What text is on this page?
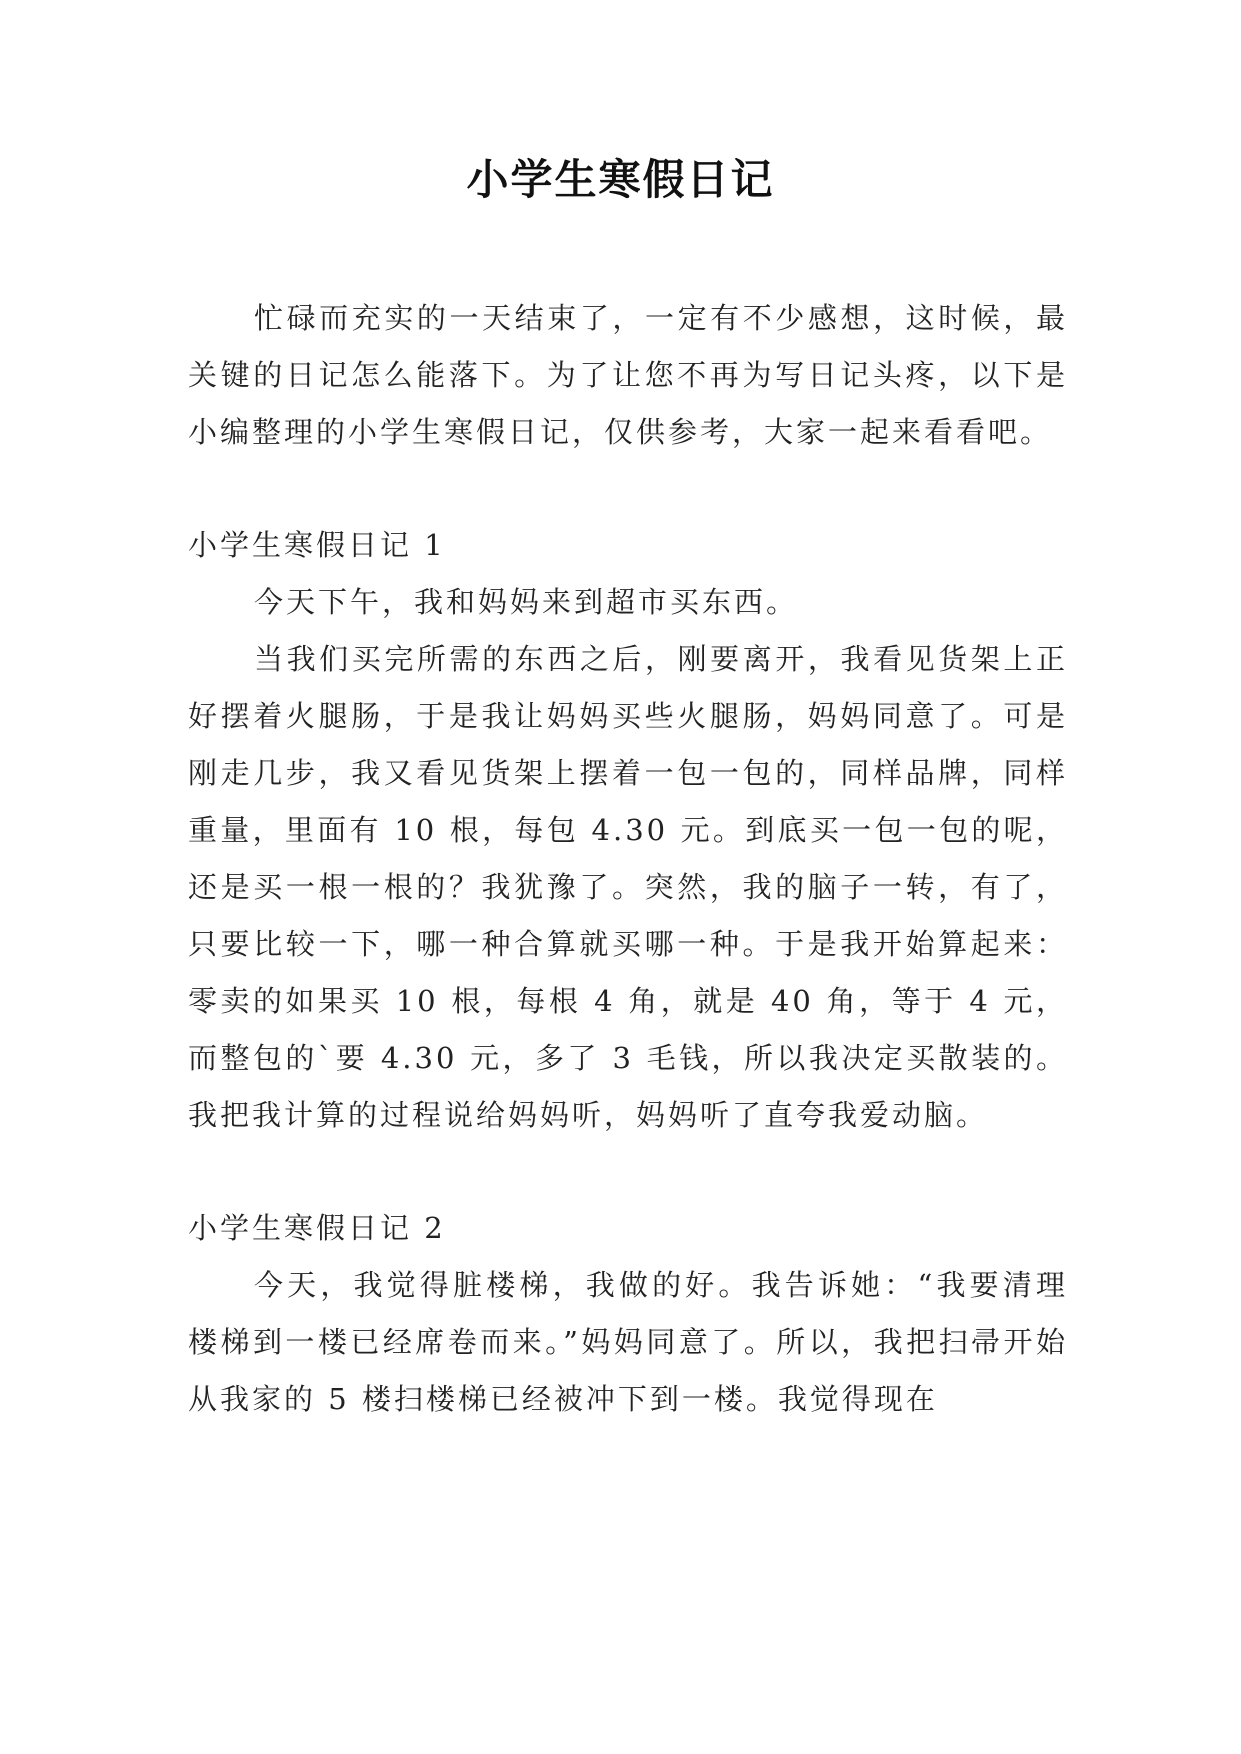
小学生寒假日记

忙碌而充实的一天结束了，一定有不少感想，这时候，最关键的日记怎么能落下。为了让您不再为写日记头疼，以下是小编整理的小学生寒假日记，仅供参考，大家一起来看看吧。

小学生寒假日记 1

今天下午，我和妈妈来到超市买东西。

当我们买完所需的东西之后，刚要离开，我看见货架上正好摆着火腿肠，于是我让妈妈买些火腿肠，妈妈同意了。可是刚走几步，我又看见货架上摆着一包一包的，同样品牌，同样重量，里面有 10 根，每包 4.30 元。到底买一包一包的呢，还是买一根一根的？我犹豫了。突然，我的脑子一转，有了，只要比较一下，哪一种合算就买哪一种。于是我开始算起来：零卖的如果买 10 根，每根 4 角，就是 40 角，等于 4 元，而整包的`要 4.30 元，多了 3 毛钱，所以我决定买散装的。我把我计算的过程说给妈妈听，妈妈听了直夸我爱动脑。

小学生寒假日记 2

今天，我觉得脏楼梯，我做的好。我告诉她：“我要清理楼梯到一楼已经席卷而来。”妈妈同意了。所以，我把扫帚开始从我家的 5 楼扫楼梯已经被冲下到一楼。我觉得现在
